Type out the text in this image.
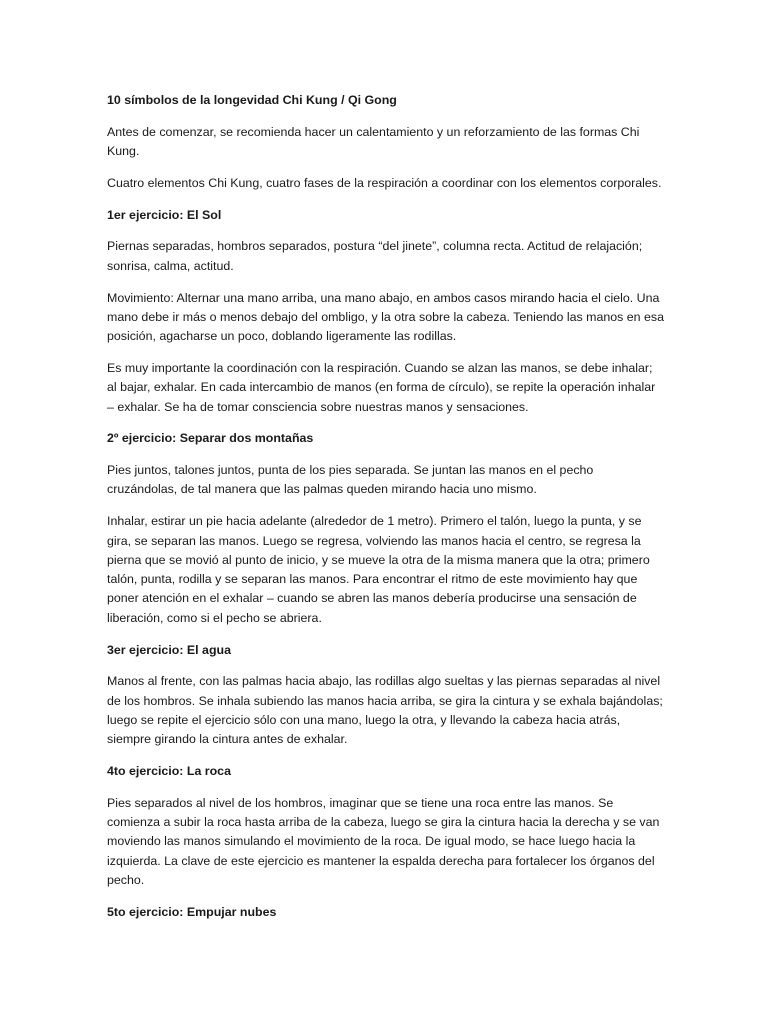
10 símbolos de la longevidad Chi Kung / Qi Gong

Antes de comenzar, se recomienda hacer un calentamiento y un reforzamiento de las formas Chi Kung.

Cuatro elementos Chi Kung, cuatro fases de la respiración a coordinar con los elementos corporales.

1er ejercicio: El Sol

Piernas separadas, hombros separados, postura “del jinete”, columna recta. Actitud de relajación; sonrisa, calma, actitud.

Movimiento: Alternar una mano arriba, una mano abajo, en ambos casos mirando hacia el cielo. Una mano debe ir más o menos debajo del ombligo, y la otra sobre la cabeza. Teniendo las manos en esa posición, agacharse un poco, doblando ligeramente las rodillas.

Es muy importante la coordinación con la respiración. Cuando se alzan las manos, se debe inhalar; al bajar, exhalar. En cada intercambio de manos (en forma de círculo), se repite la operación inhalar – exhalar. Se ha de tomar consciencia sobre nuestras manos y sensaciones.

2º ejercicio: Separar dos montañas

Pies juntos, talones juntos, punta de los pies separada. Se juntan las manos en el pecho cruzándolas, de tal manera que las palmas queden mirando hacia uno mismo.

Inhalar, estirar un pie hacia adelante (alrededor de 1 metro). Primero el talón, luego la punta, y se gira, se separan las manos. Luego se regresa, volviendo las manos hacia el centro, se regresa la pierna que se movió al punto de inicio, y se mueve la otra de la misma manera que la otra; primero talón, punta, rodilla y se separan las manos. Para encontrar el ritmo de este movimiento hay que poner atención en el exhalar – cuando se abren las manos debería producirse una sensación de liberación, como si el pecho se abriera.

3er ejercicio: El agua

Manos al frente, con las palmas hacia abajo, las rodillas algo sueltas y las piernas separadas al nivel de los hombros. Se inhala subiendo las manos hacia arriba, se gira la cintura y se exhala bajándolas; luego se repite el ejercicio sólo con una mano, luego la otra, y llevando la cabeza hacia atrás, siempre girando la cintura antes de exhalar.

4to ejercicio: La roca

Pies separados al nivel de los hombros, imaginar que se tiene una roca entre las manos. Se comienza a subir la roca hasta arriba de la cabeza, luego se gira la cintura hacia la derecha y se van moviendo las manos simulando el movimiento de la roca. De igual modo, se hace luego hacia la izquierda. La clave de este ejercicio es mantener la espalda derecha para fortalecer los órganos del pecho.

5to ejercicio: Empujar nubes
